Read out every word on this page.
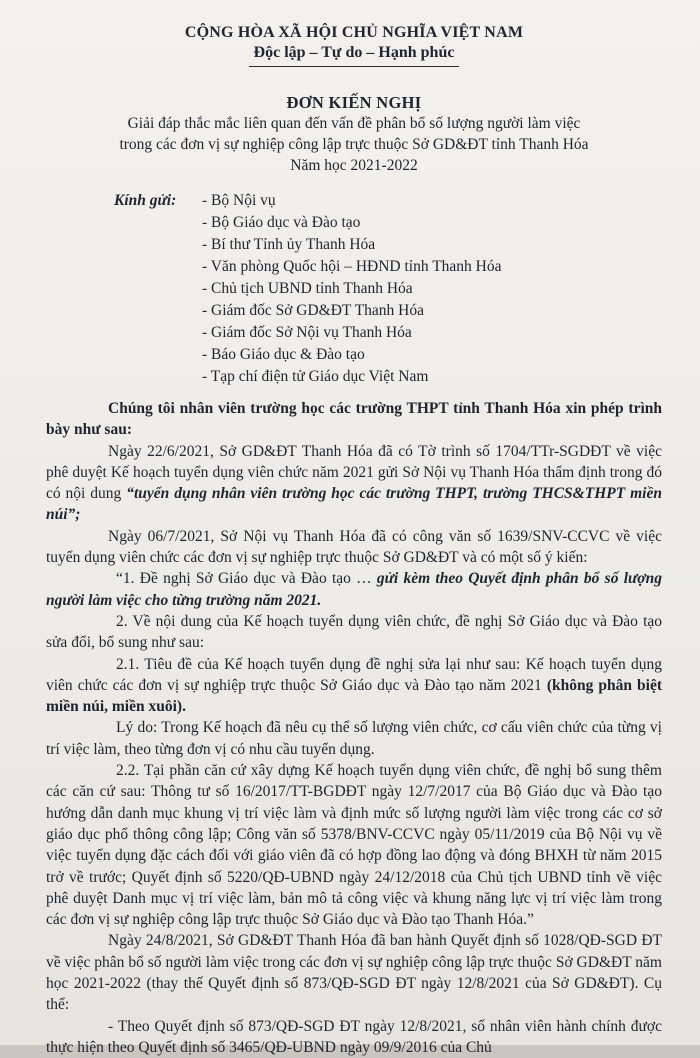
CỘNG HÒA XÃ HỘI CHỦ NGHĨA VIỆT NAM
Độc lập – Tự do – Hạnh phúc
ĐƠN KIẾN NGHỊ
Giải đáp thắc mắc liên quan đến vấn đề phân bổ số lượng người làm việc
trong các đơn vị sự nghiệp công lập trực thuộc Sở GD&ĐT tỉnh Thanh Hóa
Năm học 2021-2022
Kính gửi: - Bộ Nội vụ
- Bộ Giáo dục và Đào tạo
- Bí thư Tỉnh ủy Thanh Hóa
- Văn phòng Quốc hội – HĐND tỉnh Thanh Hóa
- Chủ tịch UBND tỉnh Thanh Hóa
- Giám đốc Sở GD&ĐT Thanh Hóa
- Giám đốc Sở Nội vụ Thanh Hóa
- Báo Giáo dục & Đào tạo
- Tạp chí điện tử Giáo dục Việt Nam

Chúng tôi nhân viên trường học các trường THPT tỉnh Thanh Hóa xin phép trình bày như sau:

Ngày 22/6/2021, Sở GD&ĐT Thanh Hóa đã có Tờ trình số 1704/TTr-SGDĐT về việc phê duyệt Kế hoạch tuyển dụng viên chức năm 2021 gửi Sở Nội vụ Thanh Hóa thẩm định trong đó có nội dung “tuyển dụng nhân viên trường học các trường THPT, trường THCS&THPT miền núi”;

Ngày 06/7/2021, Sở Nội vụ Thanh Hóa đã có công văn số 1639/SNV-CCVC về việc tuyển dụng viên chức các đơn vị sự nghiệp trực thuộc Sở GD&ĐT và có một số ý kiến:

“1. Đề nghị Sở Giáo dục và Đào tạo … gửi kèm theo Quyết định phân bổ số lượng người làm việc cho từng trường năm 2021.

2. Về nội dung của Kế hoạch tuyển dụng viên chức, đề nghị Sở Giáo dục và Đào tạo sửa đổi, bổ sung như sau:

2.1. Tiêu đề của Kế hoạch tuyển dụng đề nghị sửa lại như sau: Kế hoạch tuyển dụng viên chức các đơn vị sự nghiệp trực thuộc Sở Giáo dục và Đào tạo năm 2021 (không phân biệt miền núi, miền xuôi).

Lý do: Trong Kế hoạch đã nêu cụ thể số lượng viên chức, cơ cấu viên chức của từng vị trí việc làm, theo từng đơn vị có nhu cầu tuyển dụng.

2.2. Tại phần căn cứ xây dựng Kế hoạch tuyển dụng viên chức, đề nghị bổ sung thêm các căn cứ sau: Thông tư số 16/2017/TT-BGDĐT ngày 12/7/2017 của Bộ Giáo dục và Đào tạo hướng dẫn danh mục khung vị trí việc làm và định mức số lượng người làm việc trong các cơ sở giáo dục phổ thông công lập; Công văn số 5378/BNV-CCVC ngày 05/11/2019 của Bộ Nội vụ về việc tuyển dụng đặc cách đối với giáo viên đã có hợp đồng lao động và đóng BHXH từ năm 2015 trở về trước; Quyết định số 5220/QĐ-UBND ngày 24/12/2018 của Chủ tịch UBND tỉnh về việc phê duyệt Danh mục vị trí việc làm, bản mô tả công việc và khung năng lực vị trí việc làm trong các đơn vị sự nghiệp công lập trực thuộc Sở Giáo dục và Đào tạo Thanh Hóa.”

Ngày 24/8/2021, Sở GD&ĐT Thanh Hóa đã ban hành Quyết định số 1028/QĐ-SGD ĐT về việc phân bổ số người làm việc trong các đơn vị sự nghiệp công lập trực thuộc Sở GD&ĐT năm học 2021-2022 (thay thế Quyết định số 873/QĐ-SGD ĐT ngày 12/8/2021 của Sở GD&ĐT). Cụ thể:

- Theo Quyết định số 873/QĐ-SGD ĐT ngày 12/8/2021, số nhân viên hành chính được thực hiện theo Quyết định số 3465/QĐ-UBND ngày 09/9/2016 của Chủ
